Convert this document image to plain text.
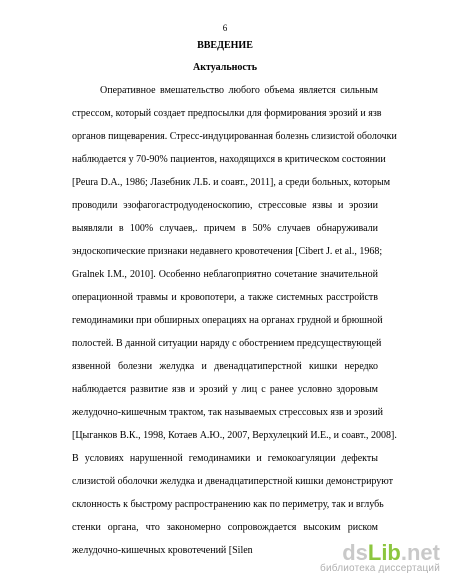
6
ВВЕДЕНИЕ
Актуальность
Оперативное вмешательство любого объема является сильным
стрессом, который создает предпосылки для формирования эрозий и язв
органов пищеварения. Стресс-индуцированная болезнь слизистой оболочки
наблюдается у 70-90% пациентов, находящихся в критическом состоянии
[Peura D.A., 1986; Лазебник Л.Б. и соавт., 2011], а среди больных, которым
проводили эзофагогастродуоденоскопию, стрессовые язвы и эрозии
выявляли в 100% случаев,. причем в 50% случаев обнаруживали
эндоскопические признаки недавнего кровотечения [Cibert J. et al., 1968;
Gralnek I.M., 2010]. Особенно неблагоприятно сочетание значительной
операционной травмы и кровопотери, а также системных расстройств
гемодинамики при обширных операциях на органах грудной и брюшной
полостей. В данной ситуации наряду с обострением предсуществующей
язвенной болезни желудка и двенадцатиперстной кишки нередко
наблюдается развитие язв и эрозий у лиц с ранее условно здоровым
желудочно-кишечным трактом, так называемых стрессовых язв и эрозий
[Цыганков В.К., 1998, Котаев А.Ю., 2007, Верхулецкий И.Е., и соавт., 2008].
В условиях нарушенной гемодинамики и гемокоагуляции дефекты
слизистой оболочки желудка и двенадцатиперстной кишки демонстрируют
склонность к быстрому распространению как по периметру, так и вглубь
стенки органа, что закономерно сопровождается высоким риском
желудочно-кишечных кровотечений [Silen	ds Lib .net
библиотека диссертаций
